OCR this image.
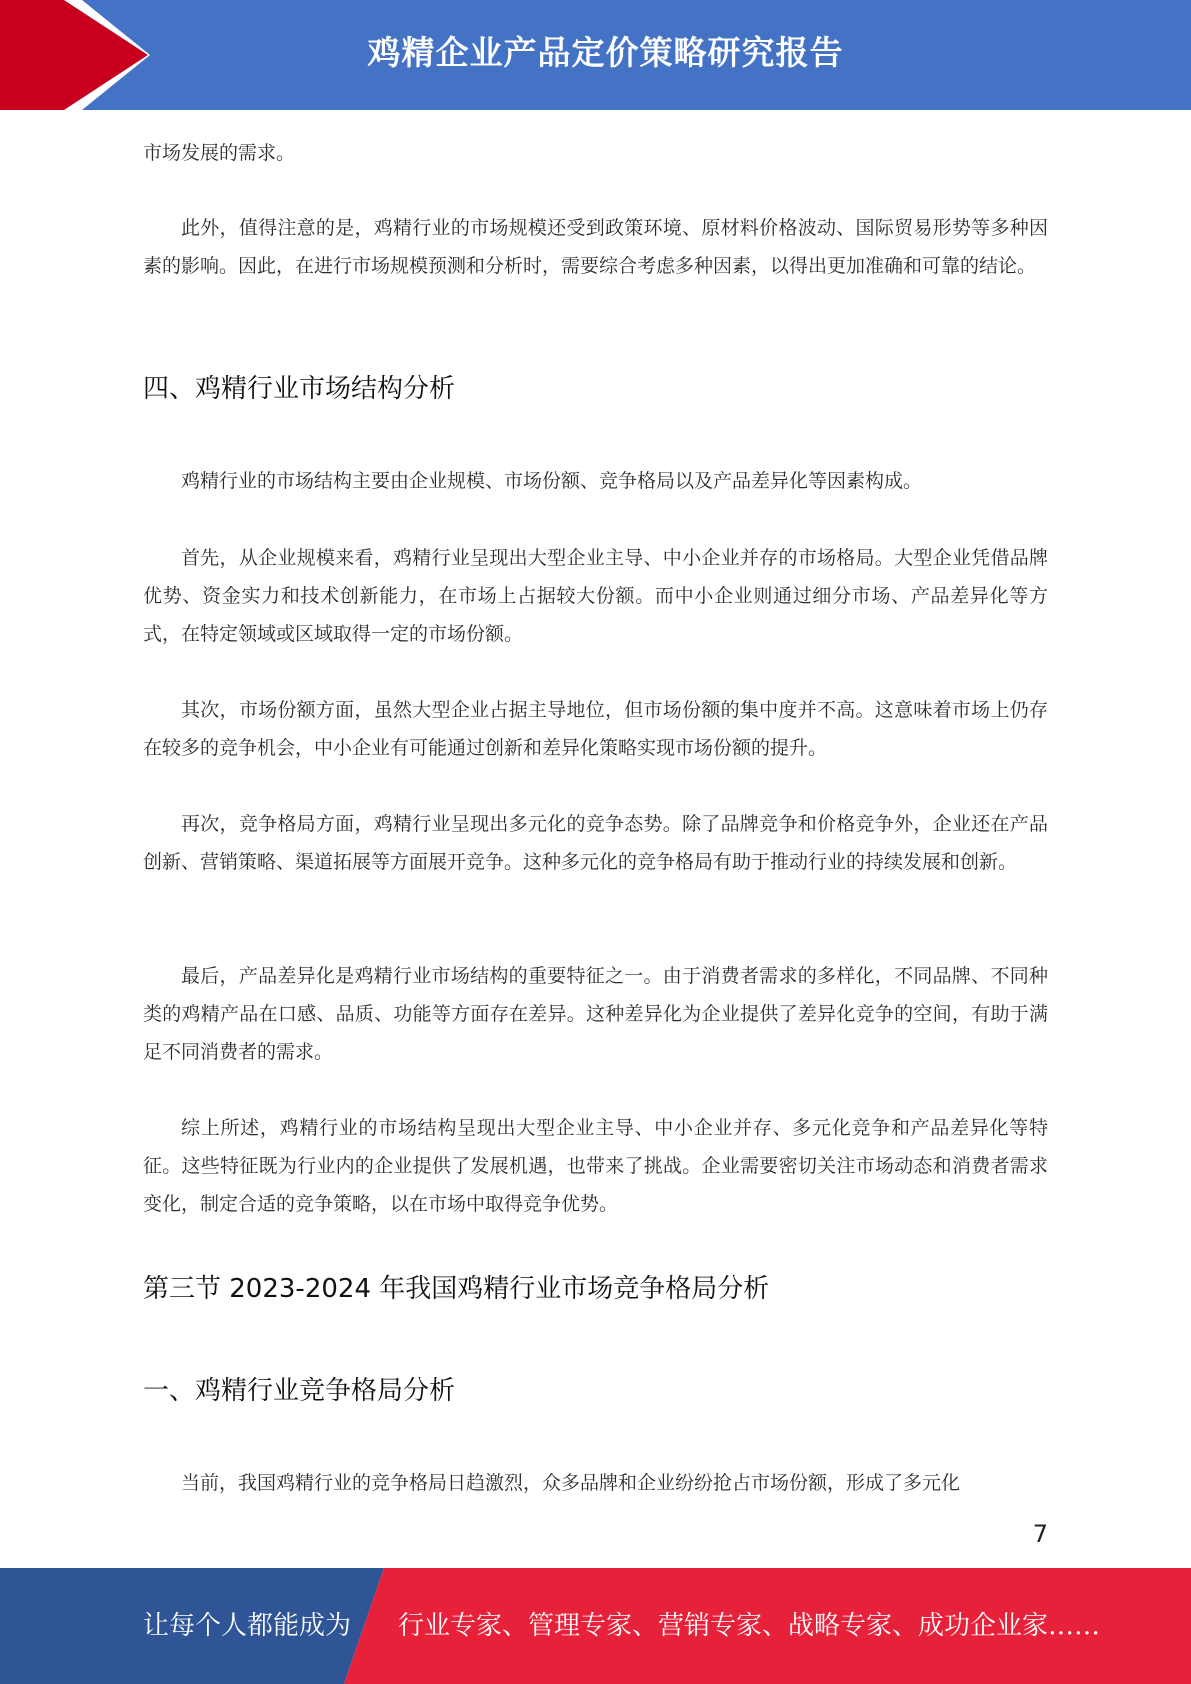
鸡精企业产品定价策略研究报告

市场发展的需求。

此外，值得注意的是，鸡精行业的市场规模还受到政策环境、原材料价格波动、国际贸易形势等多种因素的影响。因此，在进行市场规模预测和分析时，需要综合考虑多种因素，以得出更加准确和可靠的结论。

四、鸡精行业市场结构分析

鸡精行业的市场结构主要由企业规模、市场份额、竞争格局以及产品差异化等因素构成。

首先，从企业规模来看，鸡精行业呈现出大型企业主导、中小企业并存的市场格局。大型企业凭借品牌优势、资金实力和技术创新能力，在市场上占据较大份额。而中小企业则通过细分市场、产品差异化等方式，在特定领域或区域取得一定的市场份额。

其次，市场份额方面，虽然大型企业占据主导地位，但市场份额的集中度并不高。这意味着市场上仍存在较多的竞争机会，中小企业有可能通过创新和差异化策略实现市场份额的提升。

再次，竞争格局方面，鸡精行业呈现出多元化的竞争态势。除了品牌竞争和价格竞争外，企业还在产品创新、营销策略、渠道拓展等方面展开竞争。这种多元化的竞争格局有助于推动行业的持续发展和创新。

最后，产品差异化是鸡精行业市场结构的重要特征之一。由于消费者需求的多样化，不同品牌、不同种类的鸡精产品在口感、品质、功能等方面存在差异。这种差异化为企业提供了差异化竞争的空间，有助于满足不同消费者的需求。

综上所述，鸡精行业的市场结构呈现出大型企业主导、中小企业并存、多元化竞争和产品差异化等特征。这些特征既为行业内的企业提供了发展机遇，也带来了挑战。企业需要密切关注市场动态和消费者需求变化，制定合适的竞争策略，以在市场中取得竞争优势。

第三节 2023-2024 年我国鸡精行业市场竞争格局分析
一、鸡精行业竞争格局分析

当前，我国鸡精行业的竞争格局日趋激烈，众多品牌和企业纷纷抢占市场份额，形成了多元化

7
让每个人都能成为 行业专家、管理专家、营销专家、战略专家、成功企业家……
